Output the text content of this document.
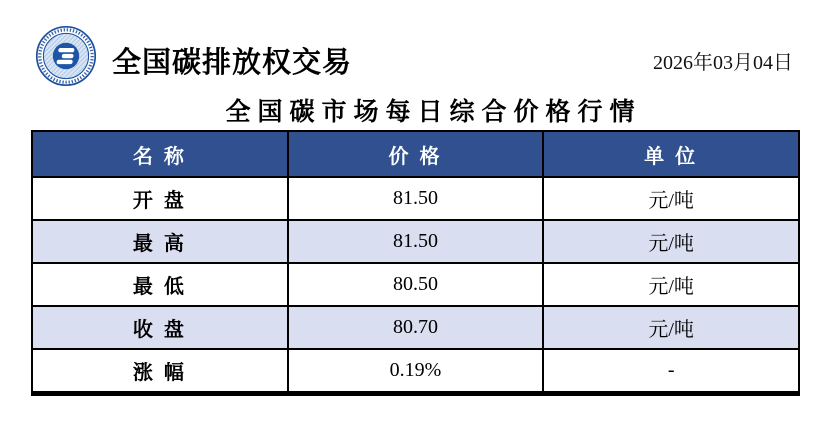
全国碳排放权交易	2026年03月04日
全国碳市场每日综合价格行情
名 称	价 格	单 位
开 盘	81.50	元/吨
最 高	81.50	元/吨
最 低	80.50	元/吨
收 盘	80.70	元/吨
涨 幅	0.19%	-
